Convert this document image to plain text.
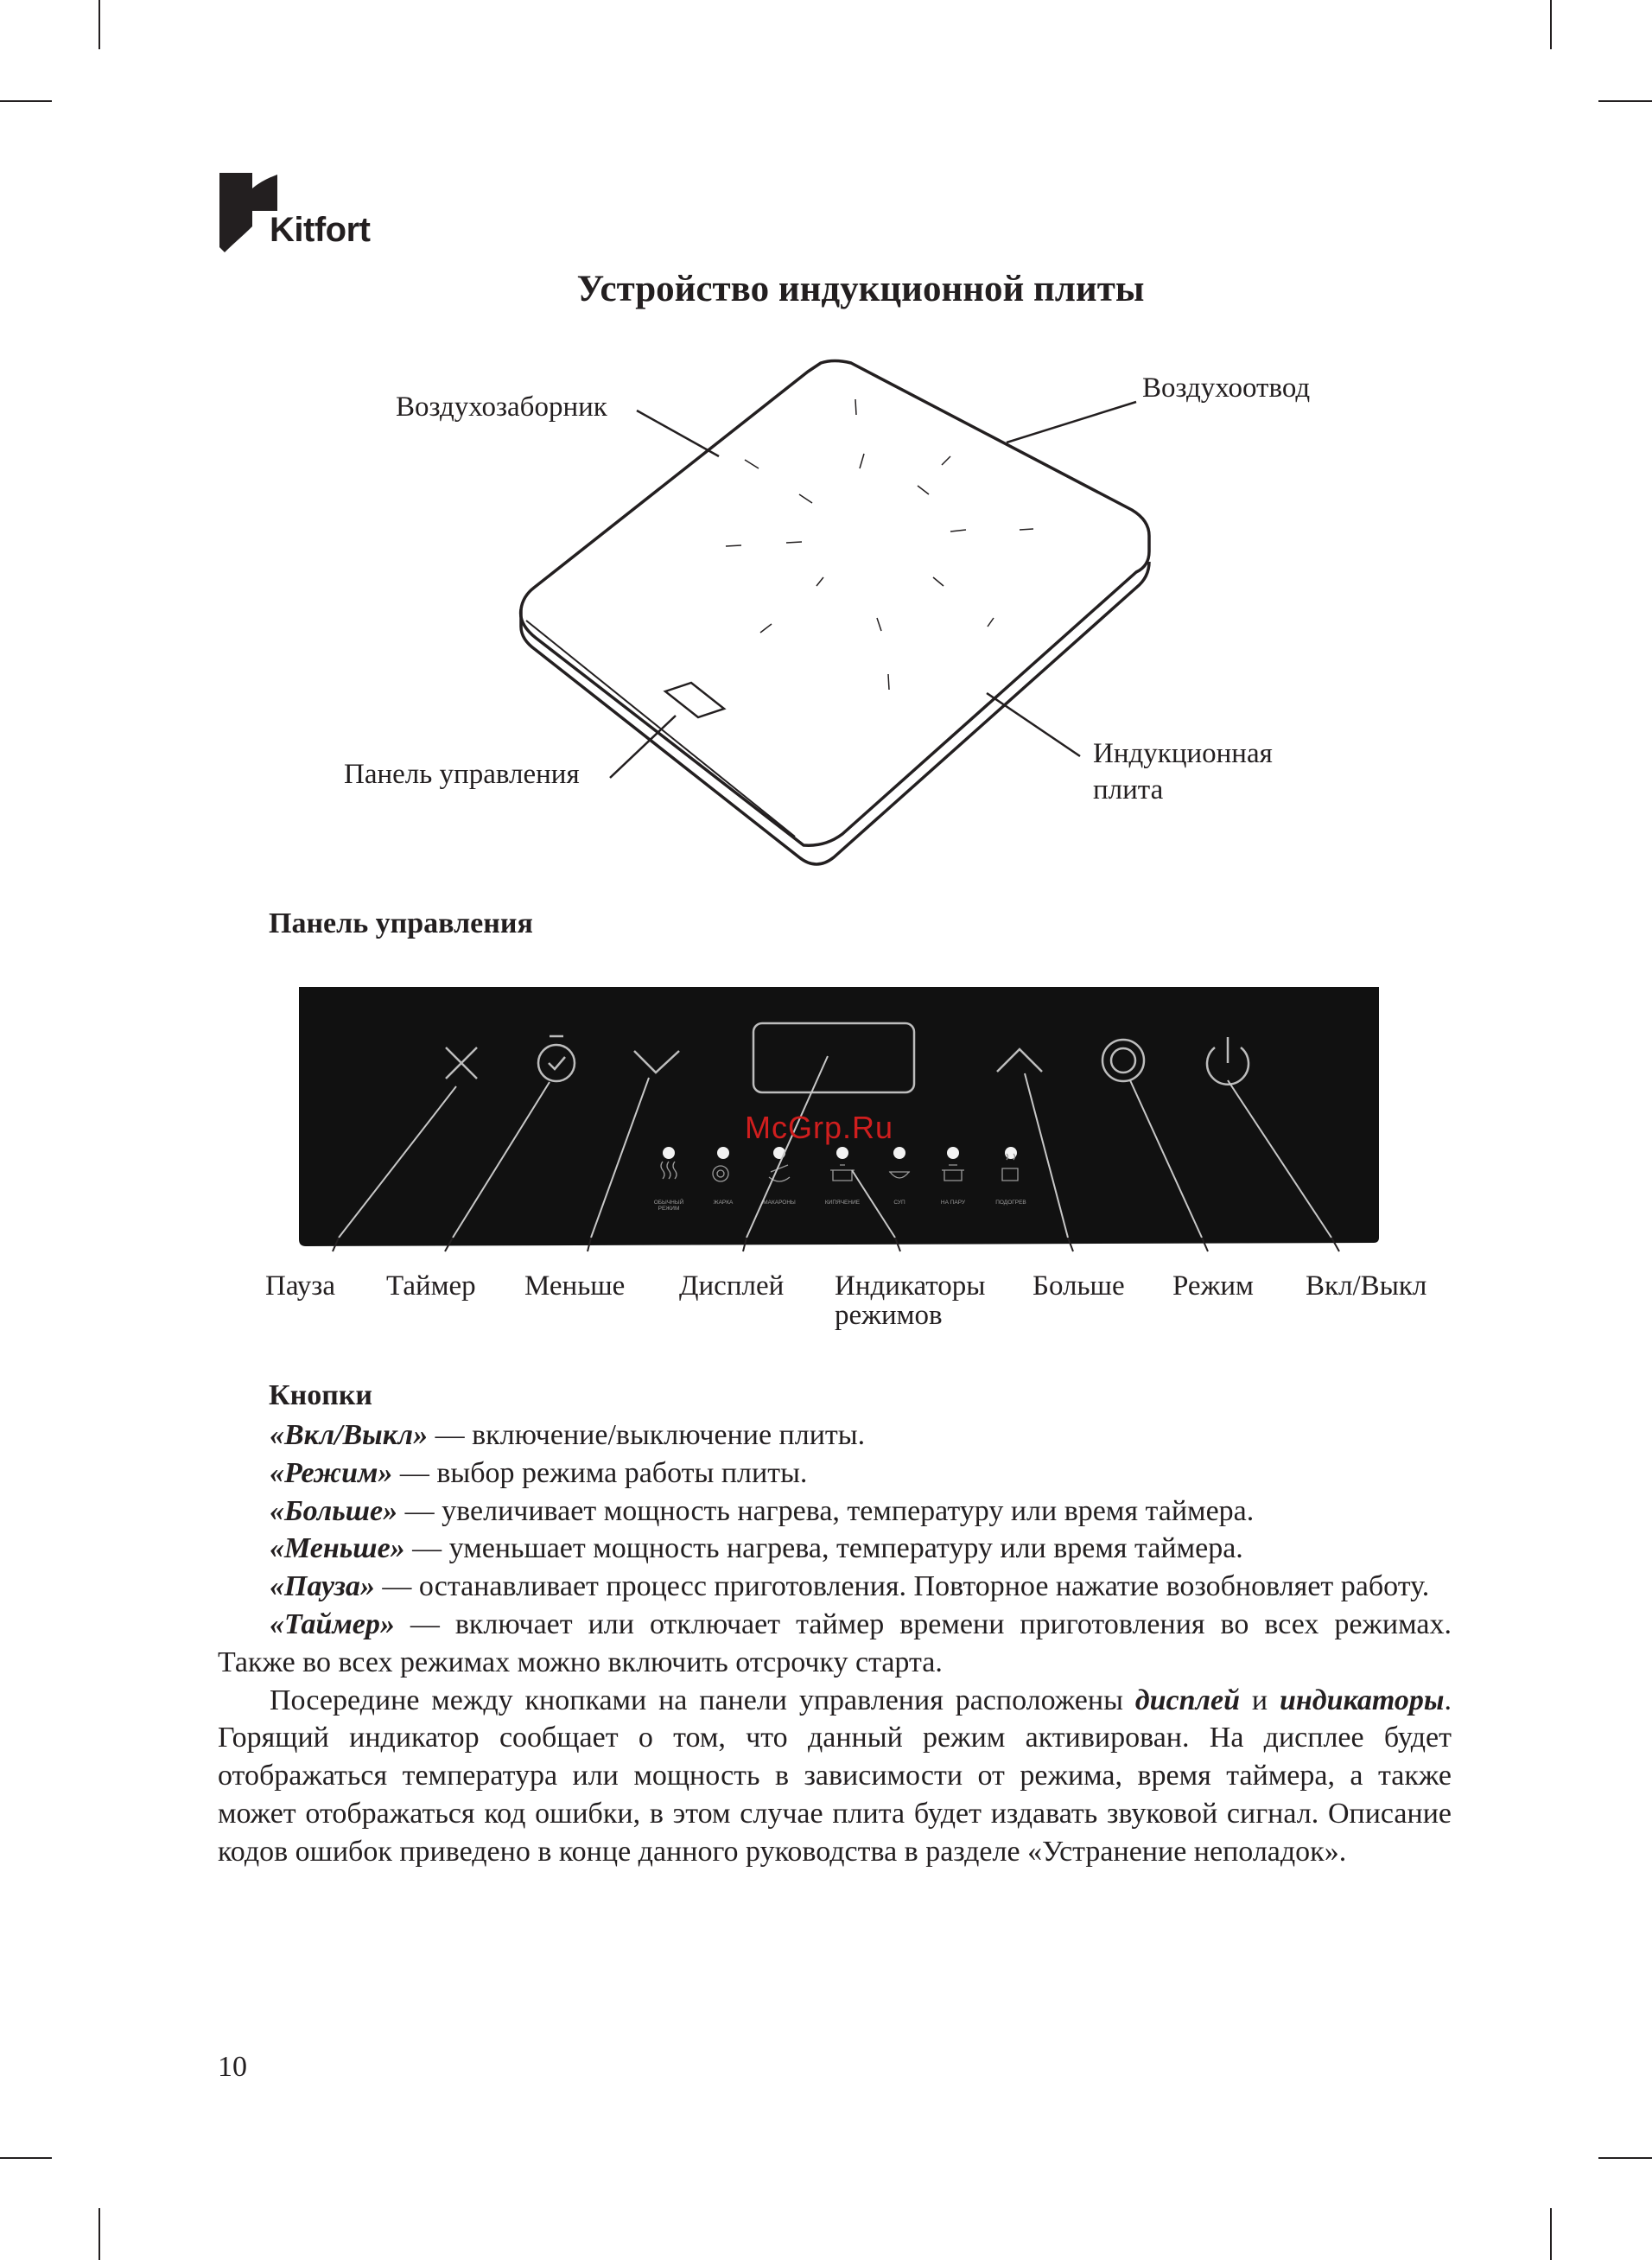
Kitfort
Устройство индукционной плиты
Воздухозаборник
Воздухоотвод
Панель управления
Индукционная
плита
Панель управления
McGrp.Ru
ОБЫЧНЫЙ РЕЖИМ
ЖАРКА	МАКАРОНЫ	КИПЯЧЕНИЕ	СУП	НА ПАРУ	ПОДОГРЕВ
Пауза Таймер Меньше Дисплей Индикаторы
режимов
Больше Режим Вкл/Выкл
Кнопки

«Вкл/Выкл» — включение/выключение плиты.

«Режим» — выбор режима работы плиты.

«Больше» — увеличивает мощность нагрева, температуру или время таймера.

«Меньше» — уменьшает мощность нагрева, температуру или время таймера.

«Пауза» — останавливает процесс приготовления. Повторное нажатие возобновляет работу.

«Таймер» — включает или отключает таймер времени приготовления во всех режимах. Также во всех режимах можно включить отсрочку старта.

Посередине между кнопками на панели управления расположены дисплей и индикаторы. Горящий индикатор сообщает о том, что данный режим активирован. На дисплее будет отображаться температура или мощность в зависимости от режима, время таймера, а также может отображаться код ошибки, в этом случае плита будет издавать звуковой сигнал. Описание кодов ошибок приведено в конце данного руководства в разделе «Устранение неполадок».

10
